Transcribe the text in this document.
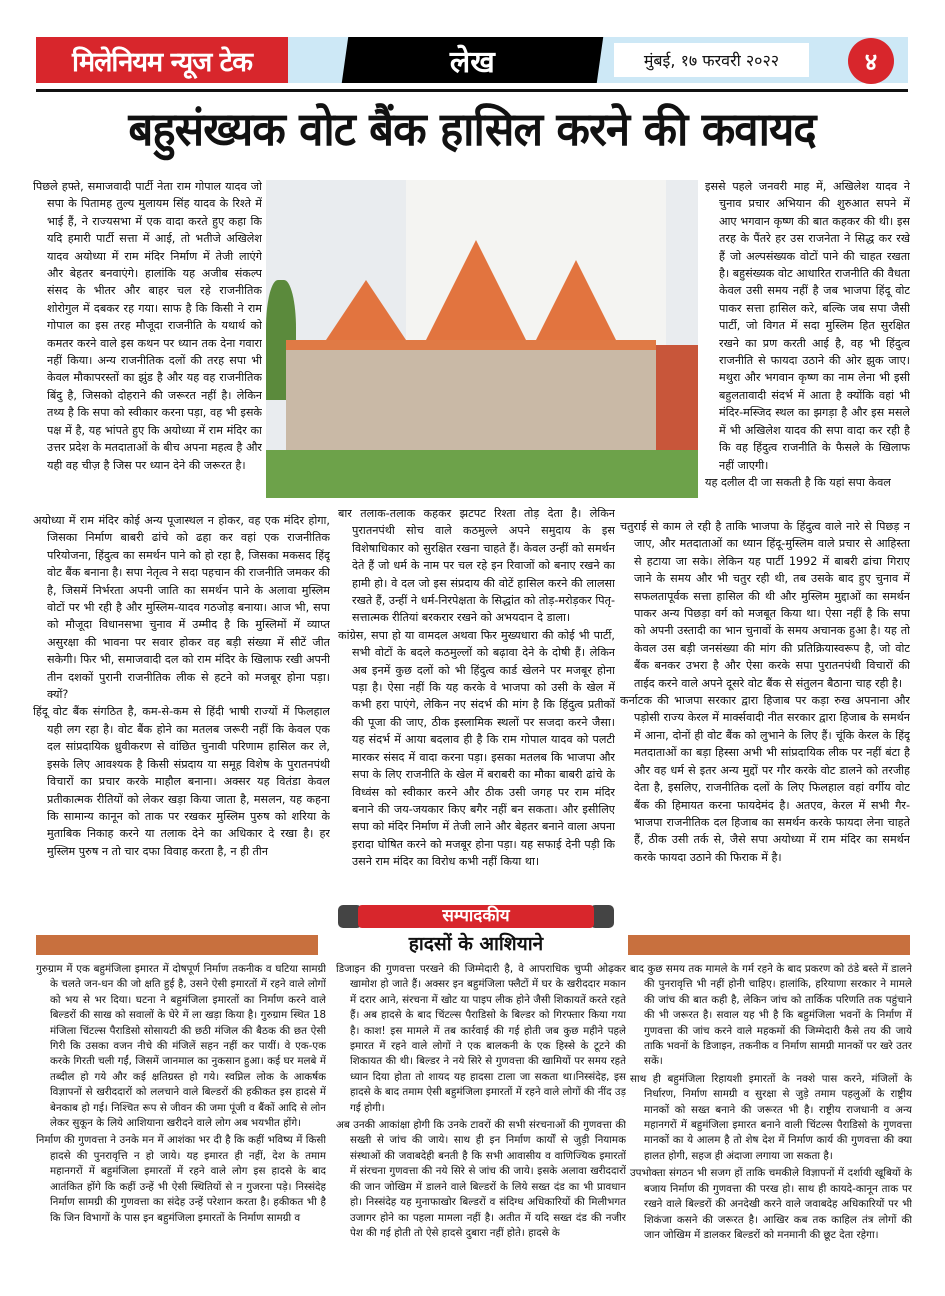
मिलेनियम न्यूज टेक	लेख	मुंबई, १७ फरवरी २०२२	४
बहुसंख्यक वोट बैंक हासिल करने की कवायद

पिछले हफ्ते, समाजवादी पार्टी नेता राम गोपाल यादव जो सपा के पितामह तुल्य मुलायम सिंह यादव के रिश्ते में भाई हैं, ने राज्यसभा में एक वादा करते हुए कहा कि यदि हमारी पार्टी सत्ता में आई, तो भतीजे अखिलेश यादव अयोध्या में राम मंदिर निर्माण में तेजी लाएंगे और बेहतर बनवाएंगे। हालांकि यह अजीब संकल्प संसद के भीतर और बाहर चल रहे राजनीतिक शोरोगुल में दबकर रह गया। साफ है कि किसी ने राम गोपाल का इस तरह मौजूदा राजनीति के यथार्थ को कमतर करने वाले इस कथन पर ध्यान तक देना गवारा नहीं किया। अन्य राजनीतिक दलों की तरह सपा भी केवल मौकापरस्तों का झुंड है और यह वह राजनीतिक बिंदु है, जिसको दोहराने की जरूरत नहीं है। लेकिन तथ्य है कि सपा को स्वीकार करना पड़ा, वह भी इसके पक्ष में है, यह भांपते हुए कि अयोध्या में राम मंदिर का उत्तर प्रदेश के मतदाताओं के बीच अपना महत्व है और यही वह चीज़ है जिस पर ध्यान देने की जरूरत है।

इससे पहले जनवरी माह में, अखिलेश यादव ने चुनाव प्रचार अभियान की शुरुआत सपने में आए भगवान कृष्ण की बात कहकर की थी। इस तरह के पैंतरे हर उस राजनेता ने सिद्ध कर रखे हैं जो अल्पसंख्यक वोटों पाने की चाहत रखता है। बहुसंख्यक वोट आधारित राजनीति की वैधता केवल उसी समय नहीं है जब भाजपा हिंदू वोट पाकर सत्ता हासिल करे, बल्कि जब सपा जैसी पार्टी, जो विगत में सदा मुस्लिम हित सुरक्षित रखने का प्रण करती आई है, वह भी हिंदुत्व राजनीति से फायदा उठाने की ओर झुक जाए। मथुरा और भगवान कृष्ण का नाम लेना भी इसी बहुलतावादी संदर्भ में आता है क्योंकि वहां भी मंदिर-मस्जिद स्थल का झगड़ा है और इस मसले में भी अखिलेश यादव की सपा वादा कर रही है कि वह हिंदुत्व राजनीति के फैसले के खिलाफ नहीं जाएगी।

यह दलील दी जा सकती है कि यहां सपा केवल

अयोध्या में राम मंदिर कोई अन्य पूजास्थल न होकर, वह एक मंदिर होगा, जिसका निर्माण बाबरी ढांचे को ढहा कर वहां एक राजनीतिक परियोजना, हिंदुत्व का समर्थन पाने को हो रहा है, जिसका मकसद हिंदू वोट बैंक बनाना है। सपा नेतृत्व ने सदा पहचान की राजनीति जमकर की है, जिसमें निर्भरता अपनी जाति का समर्थन पाने के अलावा मुस्लिम वोटों पर भी रही है और मुस्लिम-यादव गठजोड़ बनाया। आज भी, सपा को मौजूदा विधानसभा चुनाव में उम्मीद है कि मुस्लिमों में व्याप्त असुरक्षा की भावना पर सवार होकर वह बड़ी संख्या में सीटें जीत सकेगी। फिर भी, समाजवादी दल को राम मंदिर के खिलाफ रखी अपनी तीन दशकों पुरानी राजनीतिक लीक से हटने को मजबूर होना पड़ा। क्यों?

हिंदू वोट बैंक संगठित है, कम-से-कम से हिंदी भाषी राज्यों में फिलहाल यही लग रहा है। वोट बैंक होने का मतलब जरूरी नहीं कि केवल एक दल सांप्रदायिक ध्रुवीकरण से वांछित चुनावी परिणाम हासिल कर ले, इसके लिए आवश्यक है किसी संप्रदाय या समूह विशेष के पुरातनपंथी विचारों का प्रचार करके माहौल बनाना। अक्सर यह वितंडा केवल प्रतीकात्मक रीतियों को लेकर खड़ा किया जाता है, मसलन, यह कहना कि सामान्य कानून को ताक पर रखकर मुस्लिम पुरुष को शरिया के मुताबिक निकाह करने या तलाक देने का अधिकार दे रखा है। हर मुस्लिम पुरुष न तो चार दफा विवाह करता है, न ही तीन

बार तलाक-तलाक कहकर झटपट रिश्ता तोड़ देता है। लेकिन पुरातनपंथी सोच वाले कठमुल्ले अपने समुदाय के इस विशेषाधिकार को सुरक्षित रखना चाहते हैं। केवल उन्हीं को समर्थन देते हैं जो धर्म के नाम पर चल रहे इन रिवाजों को बनाए रखने का हामी हो। वे दल जो इस संप्रदाय की वोटें हासिल करने की लालसा रखते हैं, उन्हीं ने धर्म-निरपेक्षता के सिद्धांत को तोड़-मरोड़कर पितृ-सत्तात्मक रीतियां बरकरार रखने को अभयदान दे डाला।

कांग्रेस, सपा हो या वामदल अथवा फिर मुख्यधारा की कोई भी पार्टी, सभी वोटों के बदले कठमुल्लों को बढ़ावा देने के दोषी हैं। लेकिन अब इनमें कुछ दलों को भी हिंदुत्व कार्ड खेलने पर मजबूर होना पड़ा है। ऐसा नहीं कि यह करके वे भाजपा को उसी के खेल में कभी हरा पाएंगे, लेकिन नए संदर्भ की मांग है कि हिंदुत्व प्रतीकों की पूजा की जाए, ठीक इस्लामिक स्थलों पर सजदा करने जैसा। यह संदर्भ में आया बदलाव ही है कि राम गोपाल यादव को पलटी मारकर संसद में वादा करना पड़ा। इसका मतलब कि भाजपा और सपा के लिए राजनीति के खेल में बराबरी का मौका बाबरी ढांचे के विध्वंस को स्वीकार करने और ठीक उसी जगह पर राम मंदिर बनाने की जय-जयकार किए बगैर नहीं बन सकता। और इसीलिए सपा को मंदिर निर्माण में तेजी लाने और बेहतर बनाने वाला अपना इरादा घोषित करने को मजबूर होना पड़ा। यह सफाई देनी पड़ी कि उसने राम मंदिर का विरोध कभी नहीं किया था।

चतुराई से काम ले रही है ताकि भाजपा के हिंदुत्व वाले नारे से पिछड़ न जाए, और मतदाताओं का ध्यान हिंदू-मुस्लिम वाले प्रचार से आहिस्ता से हटाया जा सके। लेकिन यह पार्टी 1992 में बाबरी ढांचा गिराए जाने के समय और भी चतुर रही थी, तब उसके बाद हुए चुनाव में सफलतापूर्वक सत्ता हासिल की थी और मुस्लिम मुद्दाओं का समर्थन पाकर अन्य पिछड़ा वर्ग को मजबूत किया था। ऐसा नहीं है कि सपा को अपनी उस्तादी का भान चुनावों के समय अचानक हुआ है। यह तो केवल उस बड़ी जनसंख्या की मांग की प्रतिक्रियास्वरूप है, जो वोट बैंक बनकर उभरा है और ऐसा करके सपा पुरातनपंथी विचारों की ताईद करने वाले अपने दूसरे वोट बैंक से संतुलन बैठाना चाह रही है।

कर्नाटक की भाजपा सरकार द्वारा हिजाब पर कड़ा रुख अपनाना और पड़ोसी राज्य केरल में मार्क्सवादी नीत सरकार द्वारा हिजाब के समर्थन में आना, दोनों ही वोट बैंक को लुभाने के लिए हैं। चूंकि केरल के हिंदू मतदाताओं का बड़ा हिस्सा अभी भी सांप्रदायिक लीक पर नहीं बंटा है और वह धर्म से इतर अन्य मुद्दों पर गौर करके वोट डालने को तरजीह देता है, इसलिए, राजनीतिक दलों के लिए फिलहाल वहां वर्गीय वोट बैंक की हिमायत करना फायदेमंद है। अतएव, केरल में सभी गैर-भाजपा राजनीतिक दल हिजाब का समर्थन करके फायदा लेना चाहते हैं, ठीक उसी तर्क से, जैसे सपा अयोध्या में राम मंदिर का समर्थन करके फायदा उठाने की फिराक में है।

सम्पादकीय
हादसों के आशियाने

गुरुग्राम में एक बहुमंजिला इमारत में दोषपूर्ण निर्माण तकनीक व घटिया सामग्री के चलते जन-धन की जो क्षति हुई है, उसने ऐसी इमारतों में रहने वाले लोगों को भय से भर दिया। घटना ने बहुमंजिला इमारतों का निर्माण करने वाले बिल्डरों की साख को सवालों के घेरे में ला खड़ा किया है। गुरुग्राम स्थित 18 मंजिला चिंटल्स पैराडिसो सोसायटी की छठी मंजिल की बैठक की छत ऐसी गिरी कि उसका वजन नीचे की मंजिलें सहन नहीं कर पायीं। वे एक-एक करके गिरती चली गईं, जिसमें जानमाल का नुकसान हुआ। कई घर मलबे में तब्दील हो गये और कई क्षतिग्रस्त हो गये। स्वप्निल लोक के आकर्षक विज्ञापनों से खरीददारों को ललचाने वाले बिल्डरों की हकीकत इस हादसे में बेनकाब हो गई। निश्चित रूप से जीवन की जमा पूंजी व बैंकों आदि से लोन लेकर सुकून के लिये आशियाना खरीदने वाले लोग अब भयभीत होंगे।

निर्माण की गुणवत्ता ने उनके मन में आशंका भर दी है कि कहीं भविष्य में किसी हादसे की पुनरावृत्ति न हो जाये। यह इमारत ही नहीं, देश के तमाम महानगरों में बहुमंजिला इमारतों में रहने वाले लोग इस हादसे के बाद आतंकित होंगे कि कहीं उन्हें भी ऐसी स्थितियों से न गुजरना पड़े। निस्संदेह निर्माण सामग्री की गुणवत्ता का संदेह उन्हें परेशान करता है। हकीकत भी है कि जिन विभागों के पास इन बहुमंजिला इमारतों के निर्माण सामग्री व

डिजाइन की गुणवत्ता परखने की जिम्मेदारी है, वे आपराधिक चुप्पी ओढ़कर खामोश हो जाते हैं। अक्सर इन बहुमंजिला फ्लैटों में घर के खरीददार मकान में दरार आने, संरचना में खोट या पाइप लीक होने जैसी शिकायतें करते रहते हैं। अब हादसे के बाद चिंटल्स पैराडिसो के बिल्डर को गिरफ्तार किया गया है। काश! इस मामले में तब कार्रवाई की गई होती जब कुछ महीने पहले इमारत में रहने वाले लोगों ने एक बालकनी के एक हिस्से के टूटने की शिकायत की थी। बिल्डर ने नये सिरे से गुणवत्ता की खामियों पर समय रहते ध्यान दिया होता तो शायद यह हादसा टाला जा सकता था।निस्संदेह, इस हादसे के बाद तमाम ऐसी बहुमंजिला इमारतों में रहने वाले लोगों की नींद उड़ गई होगी।

अब उनकी आकांक्षा होगी कि उनके टावरों की सभी संरचनाओं की गुणवत्ता की सख्ती से जांच की जाये। साथ ही इन निर्माण कार्यों से जुड़ी नियामक संस्थाओं की जवाबदेही बनती है कि सभी आवासीय व वाणिज्यिक इमारतों में संरचना गुणवत्ता की नये सिरे से जांच की जाये। इसके अलावा खरीददारों की जान जोखिम में डालने वाले बिल्डरों के लिये सख्त दंड का भी प्रावधान हो। निस्संदेह यह मुनाफाखोर बिल्डरों व संदिग्ध अधिकारियों की मिलीभगत उजागर होने का पहला मामला नहीं है। अतीत में यदि सख्त दंड की नजीर पेश की गई होती तो ऐसे हादसे दुबारा नहीं होते। हादसे के

बाद कुछ समय तक मामले के गर्म रहने के बाद प्रकरण को ठंडे बस्ते में डालने की पुनरावृत्ति भी नहीं होनी चाहिए। हालांकि, हरियाणा सरकार ने मामले की जांच की बात कही है, लेकिन जांच को तार्किक परिणति तक पहुंचाने की भी जरूरत है। सवाल यह भी है कि बहुमंजिला भवनों के निर्माण में गुणवत्ता की जांच करने वाले महकमों की जिम्मेदारी कैसे तय की जाये ताकि भवनों के डिजाइन, तकनीक व निर्माण सामग्री मानकों पर खरे उतर सकें।

साथ ही बहुमंजिला रिहायशी इमारतों के नक्शे पास करने, मंजिलों के निर्धारण, निर्माण सामग्री व सुरक्षा से जुड़े तमाम पहलुओं के राष्ट्रीय मानकों को सख्त बनाने की जरूरत भी है। राष्ट्रीय राजधानी व अन्य महानगरों में बहुमंजिला इमारत बनाने वाली चिंटल्स पैराडिसो के गुणवत्ता मानकों का ये आलम है तो शेष देश में निर्माण कार्य की गुणवत्ता की क्या हालत होगी, सहज ही अंदाजा लगाया जा सकता है।

उपभोक्ता संगठन भी सजग हों ताकि चमकीले विज्ञापनों में दर्शायी खूबियों के बजाय निर्माण की गुणवत्ता की परख हो। साथ ही कायदे-कानून ताक पर रखने वाले बिल्डरों की अनदेखी करने वाले जवाबदेह अधिकारियों पर भी शिकंजा कसने की जरूरत है। आखिर कब तक काहिल तंत्र लोगों की जान जोखिम में डालकर बिल्डरों को मनमानी की छूट देता रहेगा।
